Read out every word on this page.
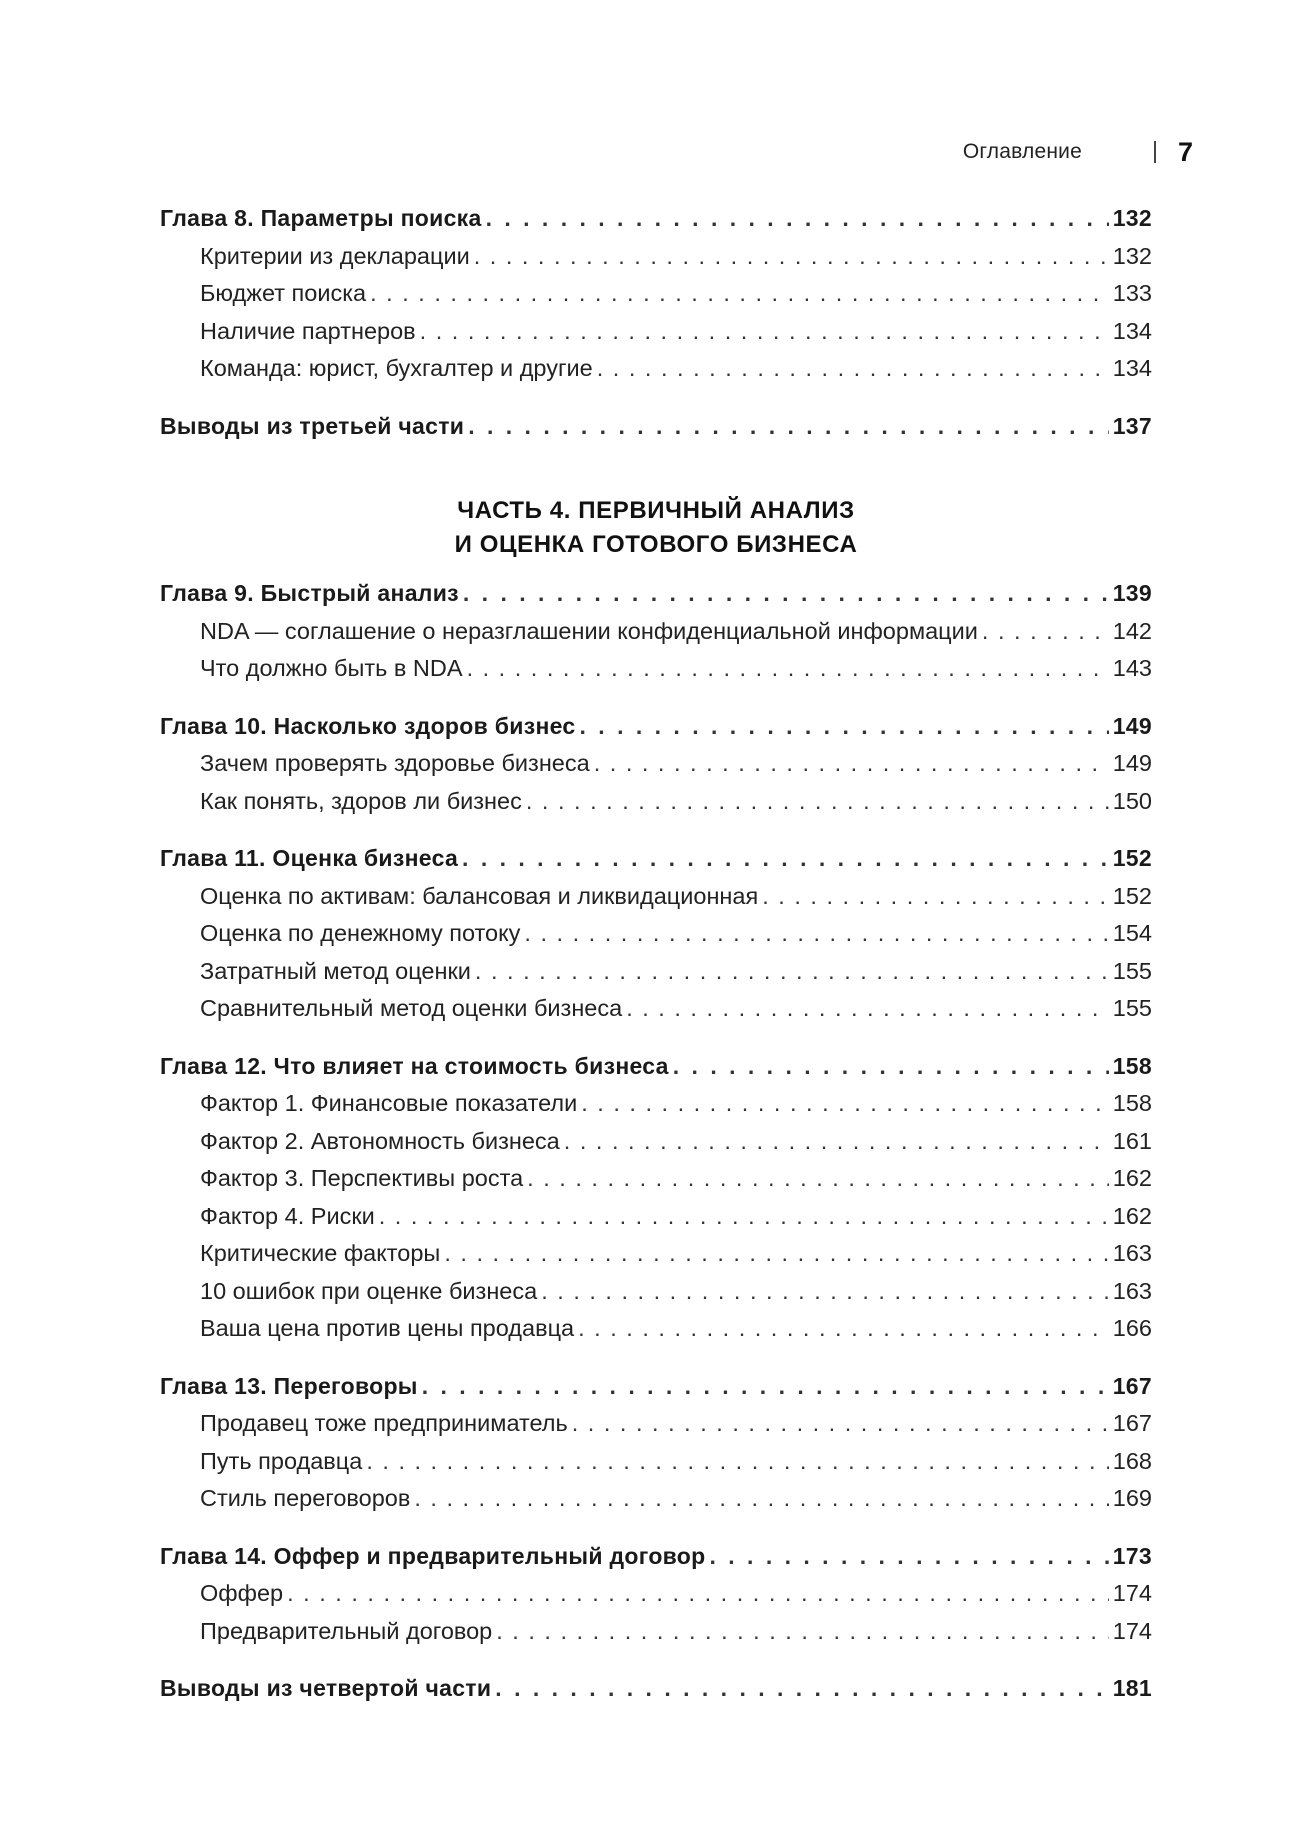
Оглавление	7
Глава 8. Параметры поиска . . .	132
Критерии из декларации . . .	132
Бюджет поиска . . .	133
Наличие партнеров . . .	134
Команда: юрист, бухгалтер и другие . . .	134
Выводы из третьей части . . .	137
ЧАСТЬ 4. ПЕРВИЧНЫЙ АНАЛИЗ
И ОЦЕНКА ГОТОВОГО БИЗНЕСА
Глава 9. Быстрый анализ . . .	139
NDA — соглашение о неразглашении конфиденциальной информации . . .	142
Что должно быть в NDA . . .	143
Глава 10. Насколько здоров бизнес . . .	149
Зачем проверять здоровье бизнеса . . .	149
Как понять, здоров ли бизнес . . .	150
Глава 11. Оценка бизнеса . . .	152
Оценка по активам: балансовая и ликвидационная . . .	152
Оценка по денежному потоку . . .	154
Затратный метод оценки . . .	155
Сравнительный метод оценки бизнеса . . .	155
Глава 12. Что влияет на стоимость бизнеса . . .	158
Фактор 1. Финансовые показатели . . .	158
Фактор 2. Автономность бизнеса . . .	161
Фактор 3. Перспективы роста . . .	162
Фактор 4. Риски . . .	162
Критические факторы . . .	163
10 ошибок при оценке бизнеса . . .	163
Ваша цена против цены продавца . . .	166
Глава 13. Переговоры . . .	167
Продавец тоже предприниматель . . .	167
Путь продавца . . .	168
Стиль переговоров . . .	169
Глава 14. Оффер и предварительный договор . . .	173
Оффер . . .	174
Предварительный договор . . .	174
Выводы из четвертой части . . .	181
